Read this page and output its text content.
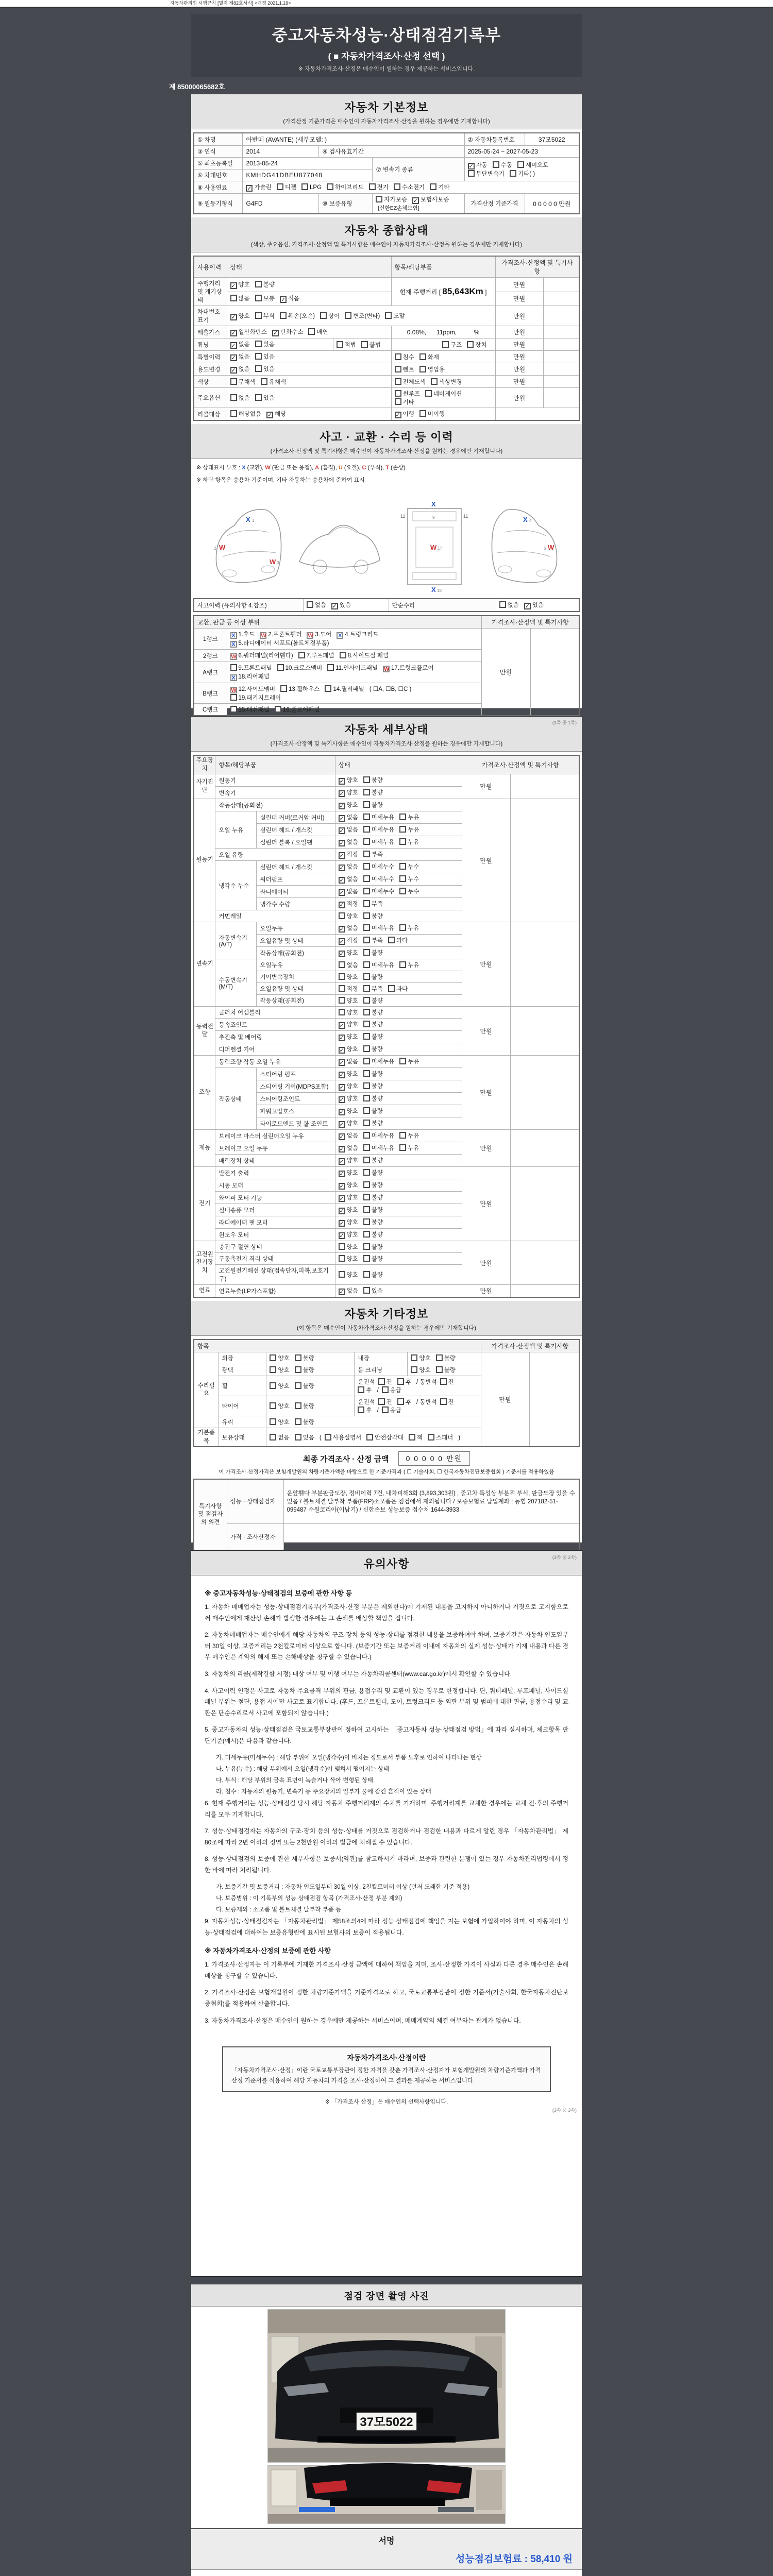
자동차관리법 시행규칙 [별지 제82호서식] <개정 2021.1.19>
중고자동차성능·상태점검기록부
( ■ 자동차가격조사·산정 선택 )
※ 자동차가격조사·산정은 매수인이 원하는 경우 제공하는 서비스입니다.
제 85000065682호
자동차 기본정보
(가격산정 기준가격은 매수인이 자동차가격조사·산정을 원하는 경우에만 기재합니다)
① 차명	아반떼 (AVANTE) (세부모델: )			② 자동차등록번호	37모5022
③ 연식	2014	④ 검사유효기간		2025-05-24 ~ 2027-05-23	
⑤ 최초등록일	2013-05-24		⑦ 변속기 종류	✓ 자동 수동 세미오토
무단변속기 기타( )	
⑥ 차대번호	KMHDG41DBEU877048				
⑧ 사용연료	✓ 가솔린 디젤 LPG 하이브리드 전기 수소전기 기타				
⑨ 원동기형식	G4FD	⑩ 보증유형	자가보증 ✓ 보험사보증[신한EZ손해보험]	가격산정 기준가격	0 0 0 0 0 만원
자동차 종합상태
(색상, 주요옵션, 가격조사·산정액 및 특기사항은 매수인이 자동차가격조사·산정을 원하는 경우에만 기재합니다)
사용이력	상태		항목/해당부품	가격조사·산정액 및 특기사항	
주행거리 및 계기상태	✓ 양호 불량		현재 주행거리 [ 85,643Km ]	만원	
	많음 보통 ✓ 적음			만원	
차대번호 표기	✓ 양호 부식 훼손(오손) 상이 변조(변타) 도말			만원	
배출가스	✓ 일산화탄소 ✓ 탄화수소 매연		0.08%,      11ppm,          %	만원	
튜닝	✓ 없음 있음	적법 불법	구조 장치	만원	
특별이력	✓ 없음 있음		침수 화재	만원	
용도변경	✓ 없음 있음		렌트 영업용	만원	
색상	무채색 유채색		전체도색 색상변경	만원	
주요옵션	없음 있음		썬루프 네비게이션기타	만원	
리콜대상	해당없음 ✓ 해당		✓ 이행 미이행		
사고 · 교환 · 수리 등 이력
(가격조사·산정액 및 특기사항은 매수인이 자동차가격조사·산정을 원하는 경우에만 기재합니다)
※ 상태표시 부호 : X (교환), W (판금 또는 용접), A (흠집), U (요철), C (부식), T (손상)
※ 하단 항목은 승용차 기준이며, 기타 자동차는 승용차에 준하여 표시
X 1
W
2
W 3
X
11	11
9
W 17
X 18
X 4
W
6
사고이력 (유의사항 4.참조)	없음 ✓ 있음	단순수리	없음 ✓ 있음
교환, 판금 등 이상 부위		가격조사·산정액 및 특기사항	
1랭크	X 1.후드 W 2.프론트휀더 W 3.도어 X 4.트렁크리드
X 5.라디에이터 서포트(볼트체결부품)	만원	
2랭크	W 6.쿼터패널(리어휀다) 7.루프패널 8.사이드실 패널		
A랭크	9.프론트패널 10.크로스멤버 11.인사이드패널 W 17.트렁크플로어
X 18.리어패널		
B랭크	W 12.사이드멤버 13.휠하우스 14.필러패널 ( ☐A, ☐B, ☐C )
19.패키지트레이		
C랭크	15.대쉬패널 16.플로어패널		
(3쪽 중 1쪽)
자동차 세부상태
(가격조사·산정액 및 특기사항은 매수인이 자동차가격조사·산정을 원하는 경우에만 기재합니다)
주요장치	항목/해당부품		상태	가격조사·산정액 및 특기사항	
자기진단	원동기		✓ 양호 불량	만원	
	변속기		✓ 양호 불량		
원동기	작동상태(공회전)		✓ 양호 불량	만원	
	오일 누유	실린더 커버(로커암 커버)	✓ 없음 미세누유 누유		
		실린더 헤드 / 개스킷	✓ 없음 미세누유 누유		
		실린더 블록 / 오일팬	✓ 없음 미세누유 누유		
	오일 유량		✓ 적정 부족		
	냉각수 누수	실린더 헤드 / 개스킷	✓ 없음 미세누수 누수		
		워터펌프	✓ 없음 미세누수 누수		
		라디에이터	✓ 없음 미세누수 누수		
		냉각수 수량	✓ 적정 부족		
	커먼레일		양호 불량		
변속기	자동변속기 (A/T)	오일누유	✓ 없음 미세누유 누유	만원	
		오일유량 및 상태	✓ 적정 부족 과다		
		작동상태(공회전)	✓ 양호 불량		
	수동변속기 (M/T)	오일누유	없음 미세누유 누유		
		기어변속장치	양호 불량		
		오일유량 및 상태	적정 부족 과다		
		작동상태(공회전)	양호 불량		
동력전달	클러치 어셈블리		양호 불량	만원	
	등속죠인트		✓ 양호 불량		
	추진축 및 베어링		✓ 양호 불량		
	디퍼렌셜 기어		✓ 양호 불량		
조향	동력조향 작동 오일 누유		✓ 없음 미세누유 누유	만원	
	작동상태	스티어링 펌프	✓ 양호 불량		
		스티어링 기어(MDPS포함)	✓ 양호 불량		
		스티어링조인트	✓ 양호 불량		
		파워고압호스	✓ 양호 불량		
		타이로드엔드 및 볼 조인트	✓ 양호 불량		
제동	브레이크 마스터 실린더오일 누유		✓ 없음 미세누유 누유	만원	
	브레이크 오일 누유		✓ 없음 미세누유 누유		
	배력장치 상태		✓ 양호 불량		
전기	발전기 출력		✓ 양호 불량	만원	
	시동 모터		✓ 양호 불량		
	와이퍼 모터 기능		✓ 양호 불량		
	실내송풍 모터		✓ 양호 불량		
	라디에이터 팬 모터		✓ 양호 불량		
	윈도우 모터		✓ 양호 불량		
고전원전기장치	충전구 절연 상태		양호 불량	만원	
	구동축전지 격리 상태		양호 불량		
	고전원전기배선 상태(접속단자,피복,보호기구)		양호 불량		
연료	연료누출(LP가스포함)		✓ 없음 있음	만원	
자동차 기타정보
(이 항목은 매수인이 자동차가격조사·산정을 원하는 경우에만 기재합니다)
항목					가격조사·산정액 및 특기사항	
수리필요	외장	양호 불량	내장	양호 불량	만원	
	광택	양호 불량	룸 크리닝	양호 불량		
	휠	양호 불량	운전석 전 후 / 동반석 전후 / 응급			
	타이어	양호 불량	운전석 전 후 / 동반석 전후 / 응급			
	유리	양호 불량				
기본품목	보유상태	없음 있음 ( 사용설명서 안전삼각대 잭 스패너 )				
최종 가격조사 · 산정 금액	0 0 0 0 0 만원
이 가격조사·산정가격은 보험개발원의 차량기준가액을 바탕으로 한 기준가격과 ( ☐ 기술사회, ☐ 한국자동차진단보증협회 ) 기준서를 적용하였음
특기사항 및 점검자의 의견	성능 · 상태점검자	운앞휀다 부분판금도장, 정비이력 7건, 내차피해3회 (3,893,303원) , 중고차 특성상 부분적 부식, 판금도장 있을 수 있음 / 볼트체결 탈부착 부품(FRP)소모품은 점검에서 제외됩니다 / 보증보험료 납입계좌 : 농협 207182-51-099487 수원코리아(이남기) / 신한손보 성능보증 접수처 1644-3933
	가격 · 조사산정자	
(3쪽 중 2쪽)
유의사항
※ 중고자동차성능·상태점검의 보증에 관한 사항 등
1. 자동차 매매업자는 성능·상태점검기록부(가격조사·산정 부분은 제외한다)에 기재된 내용을 고지하지 아니하거나 거짓으로 고지함으로써 매수인에게 재산상 손해가 발생한 경우에는 그 손해를 배상할 책임을 집니다.
2. 자동차매매업자는 매수인에게 해당 자동차의 구조·장치 등의 성능·상태를 점검한 내용을 보증하여야 하며, 보증기간은 자동차 인도일부터 30일 이상, 보증거리는 2천킬로미터 이상으로 합니다. (보증기간 또는 보증거리 이내에 자동차의 실제 성능·상태가 기재 내용과 다른 경우 매수인은 계약의 해제 또는 손해배상을 청구할 수 있습니다.)
3. 자동차의 리콜(제작결함 시정) 대상 여부 및 이행 여부는 자동차리콜센터(www.car.go.kr)에서 확인할 수 있습니다.
4. 사고이력 인정은 사고로 자동차 주요골격 부위의 판금, 용접수리 및 교환이 있는 경우로 한정합니다. 단, 쿼터패널, 루프패널, 사이드실패널 부위는 절단, 용접 시에만 사고로 표기합니다. (후드, 프론트휀더, 도어, 트렁크리드 등 외판 부위 및 범퍼에 대한 판금, 용접수리 및 교환은 단순수리로서 사고에 포함되지 않습니다.)
5. 중고자동차의 성능·상태점검은 국토교통부장관이 정하여 고시하는 「중고자동차 성능·상태점검 방법」에 따라 실시하며, 체크항목 판단기준(예시)은 다음과 같습니다.
가. 미세누유(미세누수) : 해당 부위에 오일(냉각수)이 비치는 정도로서 부품 노후로 인하여 나타나는 현상
나. 누유(누수) : 해당 부위에서 오일(냉각수)이 맺혀서 떨어지는 상태
다. 부식 : 해당 부위의 금속 표면이 녹슬거나 삭아 변형된 상태
라. 침수 : 자동차의 원동기, 변속기 등 주요장치의 일부가 물에 잠긴 흔적이 있는 상태
6. 현재 주행거리는 성능·상태점검 당시 해당 자동차 주행거리계의 수치를 기재하며, 주행거리계를 교체한 경우에는 교체 전·후의 주행거리를 모두 기재합니다.
7. 성능·상태점검자는 자동차의 구조·장치 등의 성능·상태를 거짓으로 점검하거나 점검한 내용과 다르게 알린 경우 「자동차관리법」 제80조에 따라 2년 이하의 징역 또는 2천만원 이하의 벌금에 처해질 수 있습니다.
8. 성능·상태점검의 보증에 관한 세부사항은 보증서(약관)를 참고하시기 바라며, 보증과 관련한 분쟁이 있는 경우 자동차관리법령에서 정한 바에 따라 처리됩니다.
가. 보증기간 및 보증거리 : 자동차 인도일부터 30일 이상, 2천킬로미터 이상 (먼저 도래한 기준 적용)
나. 보증범위 : 이 기록부의 성능·상태점검 항목 (가격조사·산정 부분 제외)
다. 보증제외 : 소모품 및 볼트체결 탈부착 부품 등
9. 자동차성능·상태점검자는 「자동차관리법」 제58조의4에 따라 성능·상태점검에 책임을 지는 보험에 가입하여야 하며, 이 자동차의 성능·상태점검에 대하여는 보증유형란에 표시된 보험사의 보증이 적용됩니다.
※ 자동차가격조사·산정의 보증에 관한 사항
1. 가격조사·산정자는 이 기록부에 기재한 가격조사·산정 금액에 대하여 책임을 지며, 조사·산정한 가격이 사실과 다른 경우 매수인은 손해배상을 청구할 수 있습니다.
2. 가격조사·산정은 보험개발원이 정한 차량기준가액을 기준가격으로 하고, 국토교통부장관이 정한 기준서(기술사회, 한국자동차진단보증협회)를 적용하여 산출합니다.
3. 자동차가격조사·산정은 매수인이 원하는 경우에만 제공하는 서비스이며, 매매계약의 체결 여부와는 관계가 없습니다.
자동차가격조사·산정이란
「자동차가격조사·산정」이란 국토교통부장관이 정한 자격을 갖춘 가격조사·산정자가 보험개발원의 차량기준가액과 가격산정 기준서를 적용하여 해당 자동차의 가격을 조사·산정하여 그 결과를 제공하는 서비스입니다.
※ 「가격조사·산정」은 매수인의 선택사항입니다.
(3쪽 중 3쪽)
점검 장면 촬영 사진
37모5022
서명
성능점검보험료 : 58,410 원
